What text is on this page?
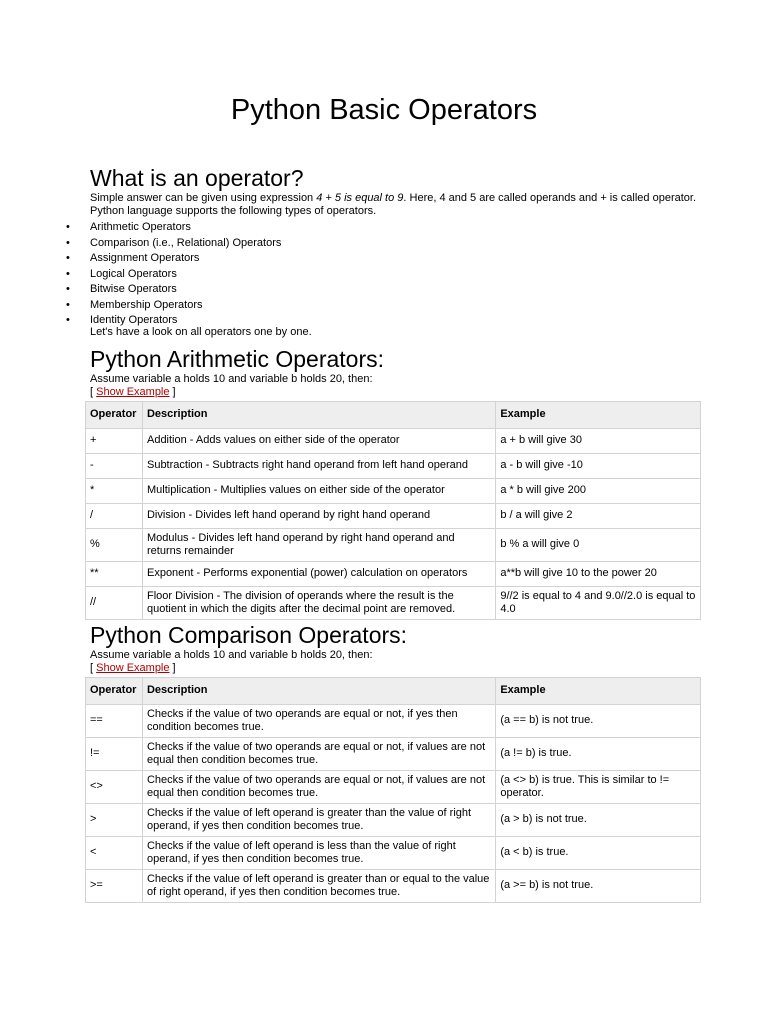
Python Basic Operators
What is an operator?

Simple answer can be given using expression 4 + 5 is equal to 9. Here, 4 and 5 are called operands and + is called operator. Python language supports the following types of operators.

• Arithmetic Operators
• Comparison (i.e., Relational) Operators
• Assignment Operators
• Logical Operators
• Bitwise Operators
• Membership Operators
• Identity Operators

Let's have a look on all operators one by one.

Python Arithmetic Operators:

Assume variable a holds 10 and variable b holds 20, then:

[ Show Example ]
Operator	Description	Example
+	Addition - Adds values on either side of the operator	a + b will give 30
-	Subtraction - Subtracts right hand operand from left hand operand	a - b will give -10
*	Multiplication - Multiplies values on either side of the operator	a * b will give 200
/	Division - Divides left hand operand by right hand operand	b / a will give 2
%	Modulus - Divides left hand operand by right hand operand and returns remainder	b % a will give 0
**	Exponent - Performs exponential (power) calculation on operators	a**b will give 10 to the power 20
//	Floor Division - The division of operands where the result is the quotient in which the digits after the decimal point are removed.	9//2 is equal to 4 and 9.0//2.0 is equal to 4.0
Python Comparison Operators:

Assume variable a holds 10 and variable b holds 20, then:

[ Show Example ]
Operator	Description	Example
==	Checks if the value of two operands are equal or not, if yes then condition becomes true.	(a == b) is not true.
!=	Checks if the value of two operands are equal or not, if values are not equal then condition becomes true.	(a != b) is true.
<>	Checks if the value of two operands are equal or not, if values are not equal then condition becomes true.	(a <> b) is true. This is similar to != operator.
>	Checks if the value of left operand is greater than the value of right operand, if yes then condition becomes true.	(a > b) is not true.
<	Checks if the value of left operand is less than the value of right operand, if yes then condition becomes true.	(a < b) is true.
>=	Checks if the value of left operand is greater than or equal to the value of right operand, if yes then condition becomes true.	(a >= b) is not true.
